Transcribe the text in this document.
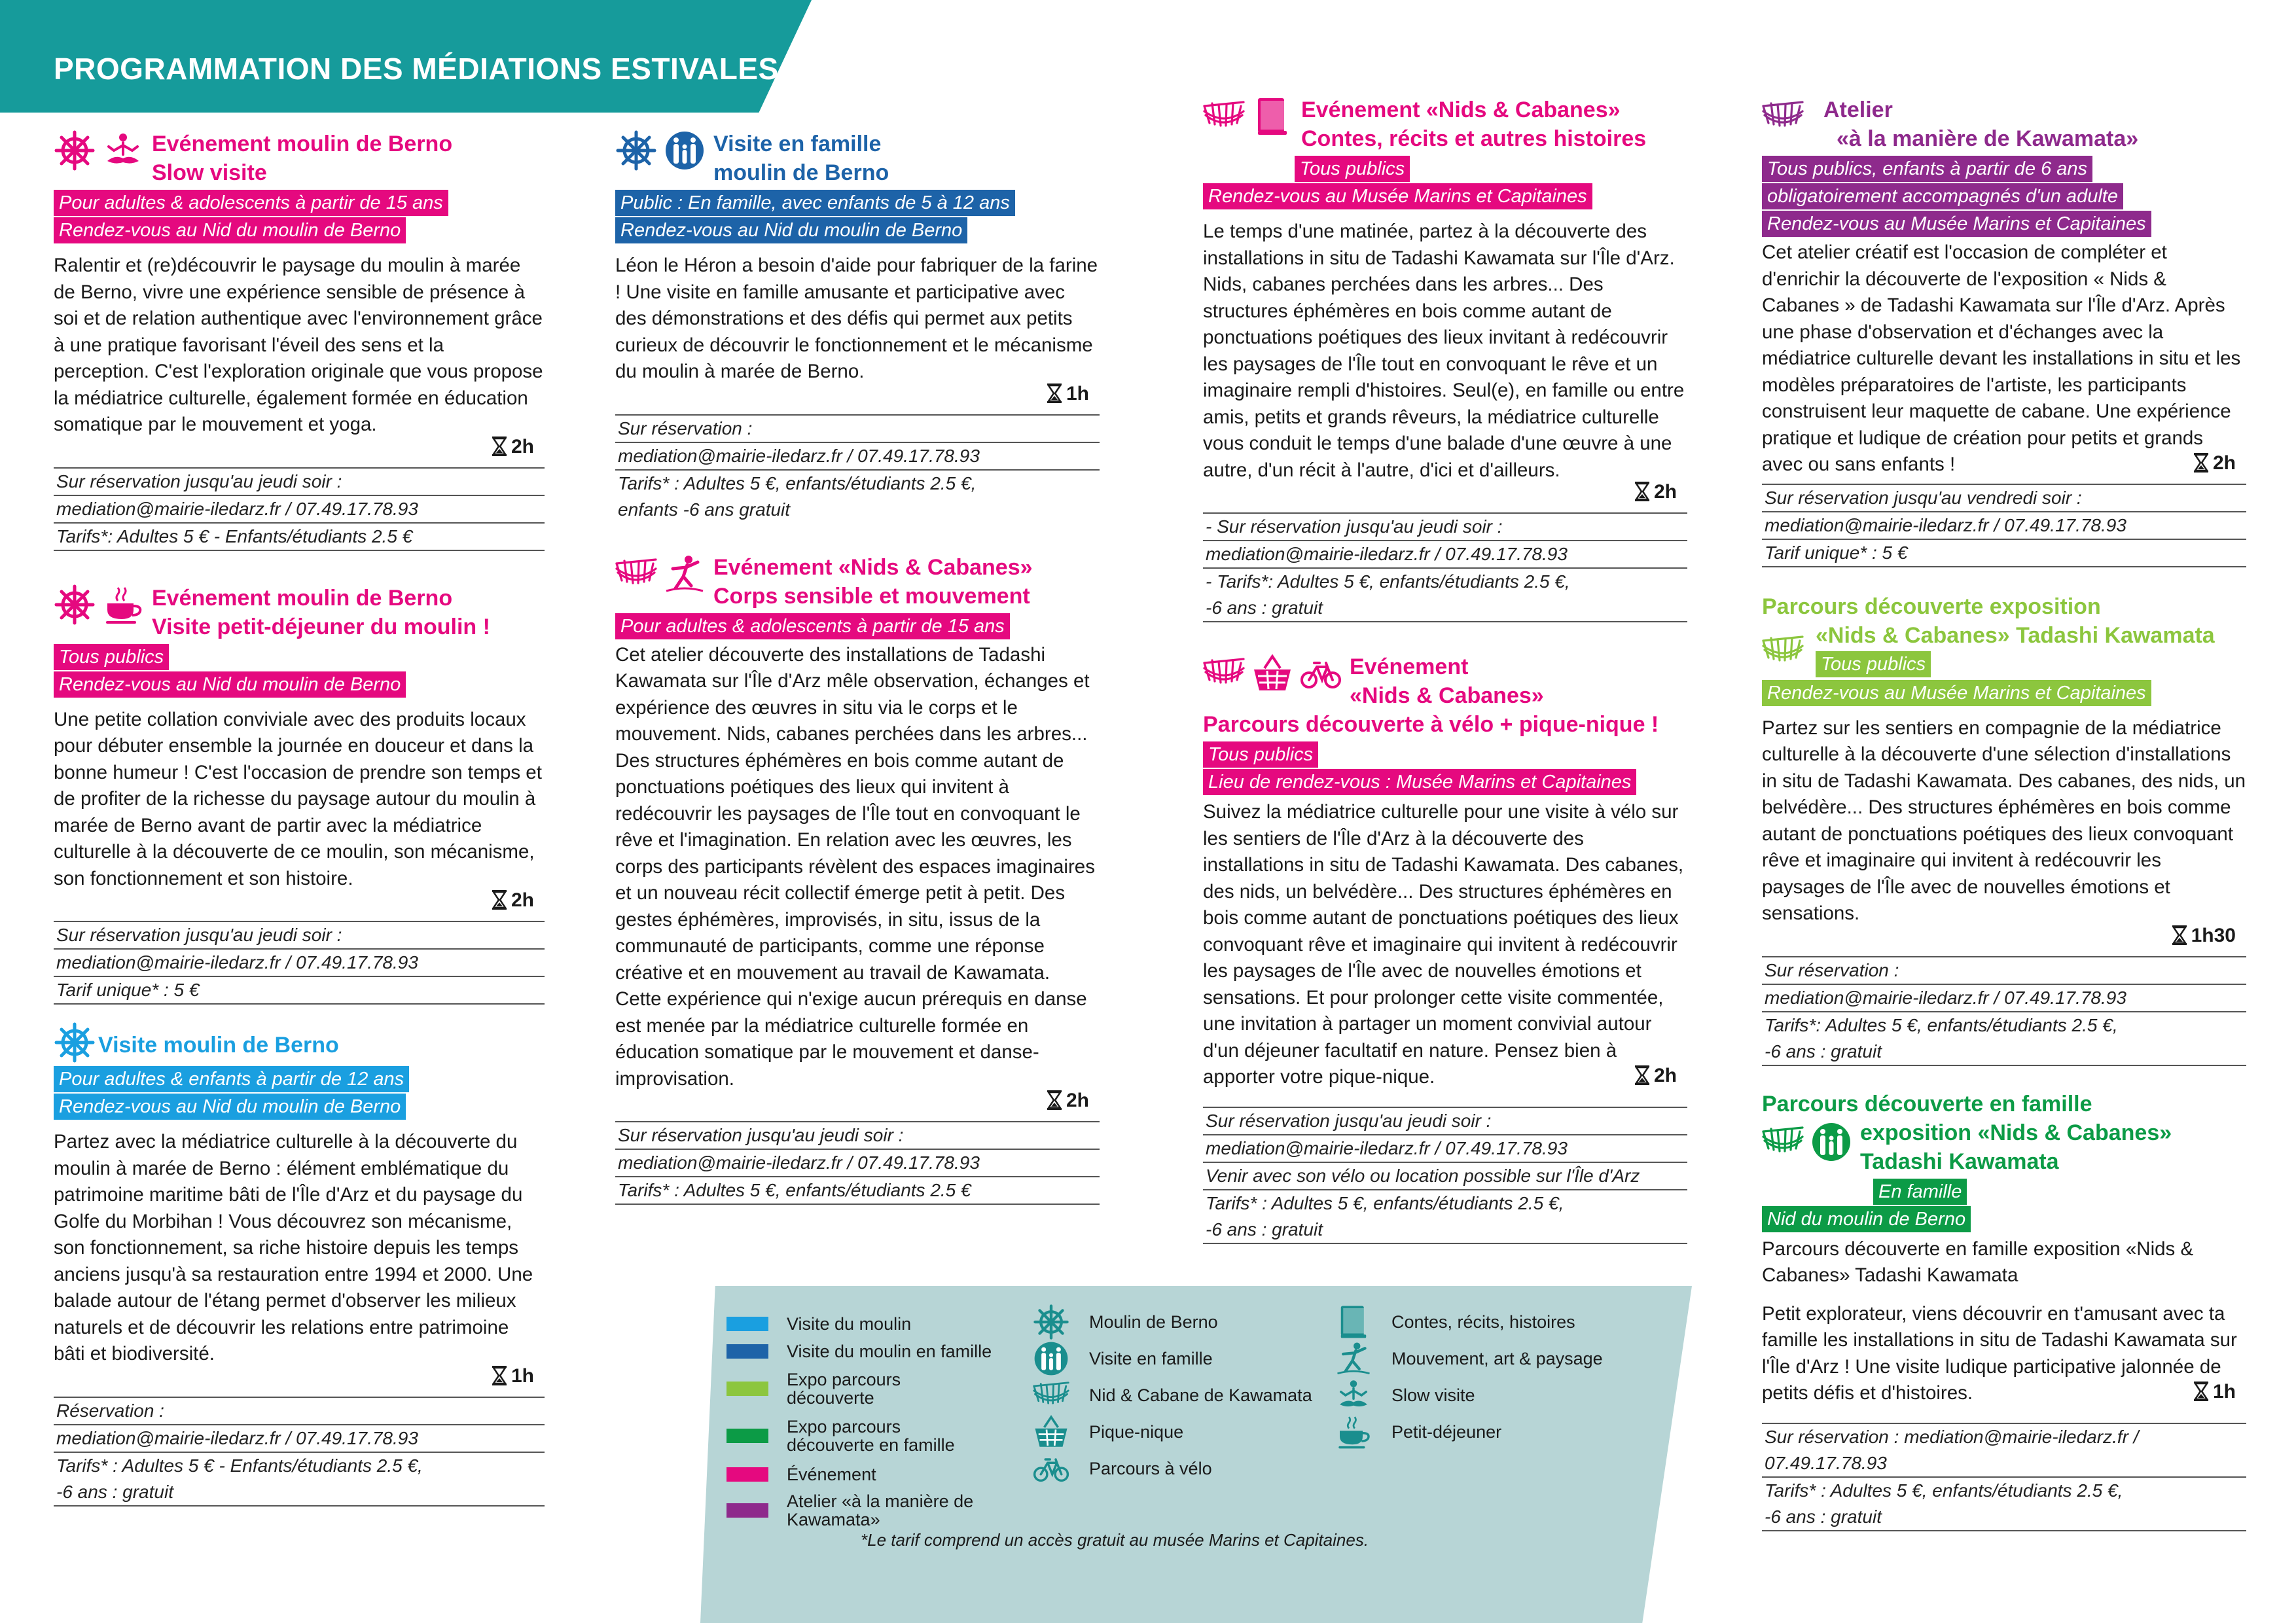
PROGRAMMATION DES MÉDIATIONS ESTIVALES
Evénement moulin de Berno
Slow visite
Pour adultes & adolescents à partir de 15 ans
Rendez-vous au Nid du moulin de Berno
Ralentir et (re)découvrir le paysage du moulin à marée de Berno, vivre une expérience sensible de présence à soi et de relation authentique avec l'environnement grâce à une pratique favorisant l'éveil des sens et la perception. C'est l'exploration originale que vous propose la médiatrice culturelle, également formée en éducation somatique par le mouvement et yoga.
2h
Sur réservation jusqu'au jeudi soir :
mediation@mairie-iledarz.fr / 07.49.17.78.93
Tarifs*: Adultes 5 € - Enfants/étudiants 2.5 €
Evénement moulin de Berno
Visite petit-déjeuner du moulin !
Tous publics
Rendez-vous au Nid du moulin de Berno
Une petite collation conviviale avec des produits locaux pour débuter ensemble la journée en douceur et dans la bonne humeur ! C'est l'occasion de prendre son temps et de profiter de la richesse du paysage autour du moulin à marée de Berno avant de partir avec la médiatrice culturelle à la découverte de ce moulin, son mécanisme, son fonctionnement et son histoire.
2h
Sur réservation jusqu'au jeudi soir :
mediation@mairie-iledarz.fr / 07.49.17.78.93
Tarif unique* : 5 €
Visite moulin de Berno
Pour adultes & enfants à partir de 12 ans
Rendez-vous au Nid du moulin de Berno
Partez avec la médiatrice culturelle à la découverte du moulin à marée de Berno : élément emblématique du patrimoine maritime bâti de l'Île d'Arz et du paysage du Golfe du Morbihan ! Vous découvrez son mécanisme, son fonctionnement, sa riche histoire depuis les temps anciens jusqu'à sa restauration entre 1994 et 2000. Une balade autour de l'étang permet d'observer les milieux naturels et de découvrir les relations entre patrimoine bâti et biodiversité.
1h
Réservation :
mediation@mairie-iledarz.fr / 07.49.17.78.93
Tarifs* : Adultes 5 € - Enfants/étudiants 2.5 €,
-6 ans : gratuit
Visite en famille
moulin de Berno
Public : En famille, avec enfants de 5 à 12 ans
Rendez-vous au Nid du moulin de Berno
Léon le Héron a besoin d'aide pour fabriquer de la farine ! Une visite en famille amusante et participative avec des démonstrations et des défis qui permet aux petits curieux de découvrir le fonctionnement et le mécanisme du moulin à marée de Berno.
1h
Sur réservation :
mediation@mairie-iledarz.fr / 07.49.17.78.93
Tarifs* : Adultes 5 €, enfants/étudiants 2.5 €,
enfants -6 ans gratuit
Evénement «Nids & Cabanes»
Corps sensible et mouvement
Pour adultes & adolescents à partir de 15 ans
Cet atelier découverte des installations de Tadashi Kawamata sur l'Île d'Arz mêle observation, échanges et expérience des œuvres in situ via le corps et le mouvement. Nids, cabanes perchées dans les arbres... Des structures éphémères en bois comme autant de ponctuations poétiques des lieux qui invitent à redécouvrir les paysages de l'Île tout en convoquant le rêve et l'imagination. En relation avec les œuvres, les corps des participants révèlent des espaces imaginaires et un nouveau récit collectif émerge petit à petit. Des gestes éphémères, improvisés, in situ, issus de la communauté de participants, comme une réponse créative et en mouvement au travail de Kawamata. Cette expérience qui n'exige aucun prérequis en danse est menée par la médiatrice culturelle formée en éducation somatique par le mouvement et danse-improvisation.
2h
Sur réservation jusqu'au jeudi soir :
mediation@mairie-iledarz.fr / 07.49.17.78.93
Tarifs* : Adultes 5 €, enfants/étudiants 2.5 €
Evénement «Nids & Cabanes»
Contes, récits et autres histoires
Tous publics
Rendez-vous au Musée Marins et Capitaines
Le temps d'une matinée, partez à la découverte des installations in situ de Tadashi Kawamata sur l'Île d'Arz. Nids, cabanes perchées dans les arbres... Des structures éphémères en bois comme autant de ponctuations poétiques des lieux invitant à redécouvrir les paysages de l'Île tout en convoquant le rêve et un imaginaire rempli d'histoires. Seul(e), en famille ou entre amis, petits et grands rêveurs, la médiatrice culturelle vous conduit le temps d'une balade d'une œuvre à une autre, d'un récit à l'autre, d'ici et d'ailleurs.
2h
- Sur réservation jusqu'au jeudi soir :
mediation@mairie-iledarz.fr / 07.49.17.78.93
- Tarifs*: Adultes 5 €, enfants/étudiants 2.5 €,
-6 ans : gratuit
Evénement
«Nids & Cabanes»
Parcours découverte à vélo + pique-nique !
Tous publics
Lieu de rendez-vous : Musée Marins et Capitaines
Suivez la médiatrice culturelle pour une visite à vélo sur les sentiers de l'Île d'Arz à la découverte des installations in situ de Tadashi Kawamata. Des cabanes, des nids, un belvédère... Des structures éphémères en bois comme autant de ponctuations poétiques des lieux convoquant rêve et imaginaire qui invitent à redécouvrir les paysages de l'Île avec de nouvelles émotions et sensations. Et pour prolonger cette visite commentée, une invitation à partager un moment convivial autour d'un déjeuner facultatif en nature. Pensez bien à apporter votre pique-nique.	2h
Sur réservation jusqu'au jeudi soir :
mediation@mairie-iledarz.fr / 07.49.17.78.93
Venir avec son vélo ou location possible sur l'Île d'Arz
Tarifs* : Adultes 5 €, enfants/étudiants 2.5 €,
-6 ans : gratuit
Atelier
«à la manière de Kawamata»
Tous publics, enfants à partir de 6 ans
obligatoirement accompagnés d'un adulte
Rendez-vous au Musée Marins et Capitaines
Cet atelier créatif est l'occasion de compléter et d'enrichir la découverte de l'exposition « Nids & Cabanes » de Tadashi Kawamata sur l'Île d'Arz. Après une phase d'observation et d'échanges avec la médiatrice culturelle devant les installations in situ et les modèles préparatoires de l'artiste, les participants construisent leur maquette de cabane. Une expérience pratique et ludique de création pour petits et grands avec ou sans enfants !	2h
Sur réservation jusqu'au vendredi soir :
mediation@mairie-iledarz.fr / 07.49.17.78.93
Tarif unique* : 5 €
Parcours découverte exposition
«Nids & Cabanes» Tadashi Kawamata
Tous publics
Rendez-vous au Musée Marins et Capitaines
Partez sur les sentiers en compagnie de la médiatrice culturelle à la découverte d'une sélection d'installations in situ de Tadashi Kawamata. Des cabanes, des nids, un belvédère... Des structures éphémères en bois comme autant de ponctuations poétiques des lieux convoquant rêve et imaginaire qui invitent à redécouvrir les paysages de l'Île avec de nouvelles émotions et sensations.
1h30
Sur réservation :
mediation@mairie-iledarz.fr / 07.49.17.78.93
Tarifs*: Adultes 5 €, enfants/étudiants 2.5 €,
-6 ans : gratuit
Parcours découverte en famille
exposition «Nids & Cabanes»
Tadashi Kawamata
En famille
Nid du moulin de Berno
Parcours découverte en famille exposition «Nids & Cabanes» Tadashi Kawamata
Petit explorateur, viens découvrir en t'amusant avec ta famille les installations in situ de Tadashi Kawamata sur l'Île d'Arz ! Une visite ludique participative jalonnée de petits défis et d'histoires.	1h
Sur réservation : mediation@mairie-iledarz.fr /
07.49.17.78.93
Tarifs* : Adultes 5 €, enfants/étudiants 2.5 €,
-6 ans : gratuit
Visite du moulin
Visite du moulin en famille
Expo parcours découverte
Expo parcours découverte en famille
Événement
Atelier «à la manière de Kawamata»
Moulin de Berno
Visite en famille
Nid & Cabane de Kawamata
Pique-nique
Parcours à vélo
Contes, récits, histoires
Mouvement, art & paysage
Slow visite
Petit-déjeuner
*Le tarif comprend un accès gratuit au musée Marins et Capitaines.
